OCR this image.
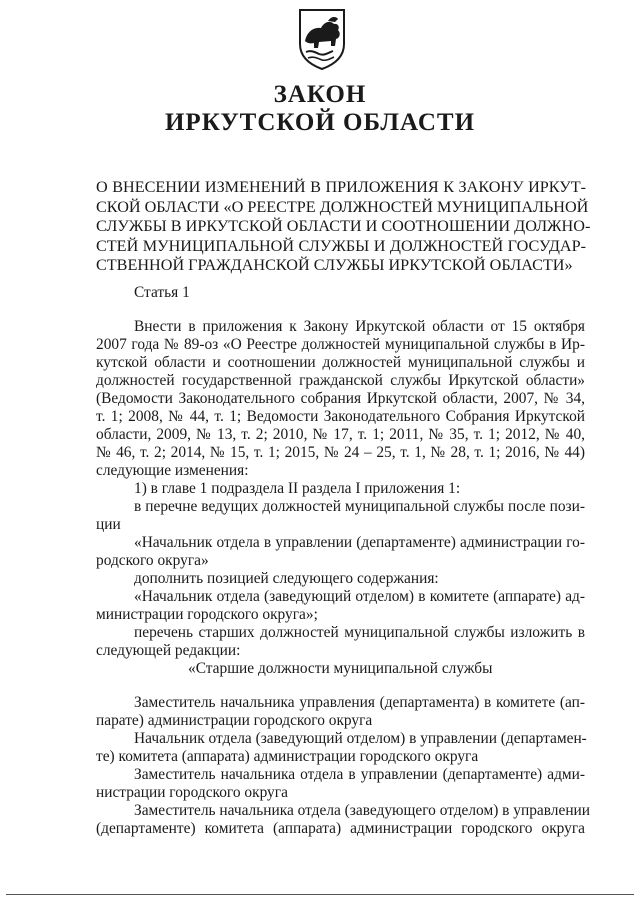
ЗАКОН
ИРКУТСКОЙ ОБЛАСТИ
О ВНЕСЕНИИ ИЗМЕНЕНИЙ В ПРИЛОЖЕНИЯ К ЗАКОНУ ИРКУТ-
СКОЙ ОБЛАСТИ «О РЕЕСТРЕ ДОЛЖНОСТЕЙ МУНИЦИПАЛЬНОЙ
СЛУЖБЫ В ИРКУТСКОЙ ОБЛАСТИ И СООТНОШЕНИИ ДОЛЖНО-
СТЕЙ МУНИЦИПАЛЬНОЙ СЛУЖБЫ И ДОЛЖНОСТЕЙ ГОСУДАР-
СТВЕННОЙ ГРАЖДАНСКОЙ СЛУЖБЫ ИРКУТСКОЙ ОБЛАСТИ»
Статья 1
Внести в приложения к Закону Иркутской области от 15 октября
2007 года № 89-оз «О Реестре должностей муниципальной службы в Ир-
кутской области и соотношении должностей муниципальной службы и
должностей государственной гражданской службы Иркутской области»
(Ведомости Законодательного собрания Иркутской области, 2007, № 34,
т. 1; 2008, № 44, т. 1; Ведомости Законодательного Собрания Иркутской
области, 2009, № 13, т. 2; 2010, № 17, т. 1; 2011, № 35, т. 1; 2012, № 40,
№ 46, т. 2; 2014, № 15, т. 1; 2015, № 24 – 25, т. 1, № 28, т. 1; 2016, № 44)
следующие изменения:
1) в главе 1 подраздела II раздела I приложения 1:
в перечне ведущих должностей муниципальной службы после пози-
ции
«Начальник отдела в управлении (департаменте) администрации го-
родского округа»
дополнить позицией следующего содержания:
«Начальник отдела (заведующий отделом) в комитете (аппарате) ад-
министрации городского округа»;
перечень старших должностей муниципальной службы изложить в
следующей редакции:
«Старшие должности муниципальной службы
Заместитель начальника управления (департамента) в комитете (ап-
парате) администрации городского округа
Начальник отдела (заведующий отделом) в управлении (департамен-
те) комитета (аппарата) администрации городского округа
Заместитель начальника отдела в управлении (департаменте) адми-
нистрации городского округа
Заместитель начальника отдела (заведующего отделом) в управлении
(департаменте) комитета (аппарата) администрации городского округа
